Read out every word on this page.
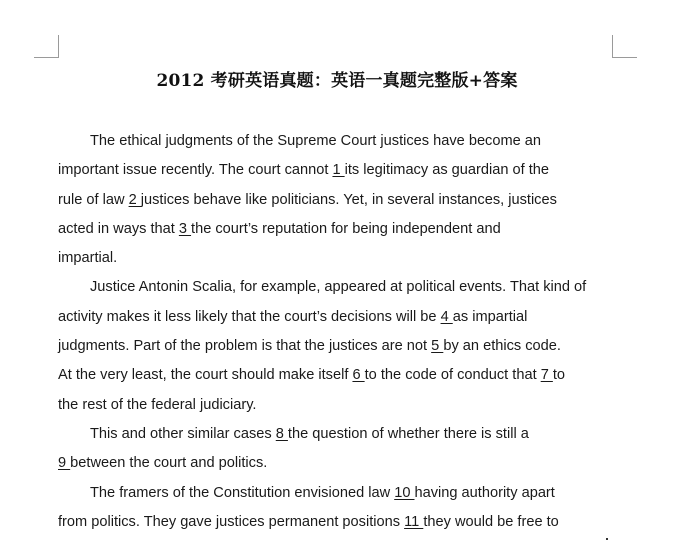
2012 考研英语真题：英语一真题完整版+答案
The ethical judgments of the Supreme Court justices have become an
important issue recently. The court cannot 1 its legitimacy as guardian of the
rule of law 2 justices behave like politicians. Yet, in several instances, justices
acted in ways that 3 the court’s reputation for being independent and
impartial.
Justice Antonin Scalia, for example, appeared at political events. That kind of
activity makes it less likely that the court’s decisions will be 4 as impartial
judgments. Part of the problem is that the justices are not 5 by an ethics code.
At the very least, the court should make itself 6 to the code of conduct that 7 to
the rest of the federal judiciary.
This and other similar cases 8 the question of whether there is still a
9 between the court and politics.
The framers of the Constitution envisioned law 10 having authority apart
from politics. They gave justices permanent positions 11 they would be free to
